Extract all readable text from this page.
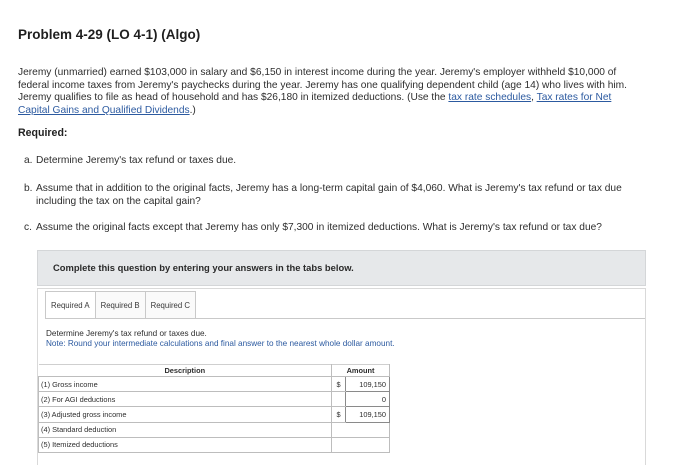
Problem 4-29 (LO 4-1) (Algo)
Jeremy (unmarried) earned $103,000 in salary and $6,150 in interest income during the year. Jeremy's employer withheld $10,000 of
federal income taxes from Jeremy's paychecks during the year. Jeremy has one qualifying dependent child (age 14) who lives with him.
Jeremy qualifies to file as head of household and has $26,180 in itemized deductions. (Use the tax rate schedules, Tax rates for Net
Capital Gains and Qualified Dividends.)
Required:
a. Determine Jeremy's tax refund or taxes due.
b. Assume that in addition to the original facts, Jeremy has a long-term capital gain of $4,060. What is Jeremy's tax refund or tax due
including the tax on the capital gain?
c. Assume the original facts except that Jeremy has only $7,300 in itemized deductions. What is Jeremy's tax refund or tax due?
Complete this question by entering your answers in the tabs below.
Required A	Required B	Required C
Determine Jeremy's tax refund or taxes due.
Note: Round your intermediate calculations and final answer to the nearest whole dollar amount.
Description	Amount	
(1) Gross income	$	109,150
(2) For AGI deductions		0
(3) Adjusted gross income	$	109,150
(4) Standard deduction		
(5) Itemized deductions		
